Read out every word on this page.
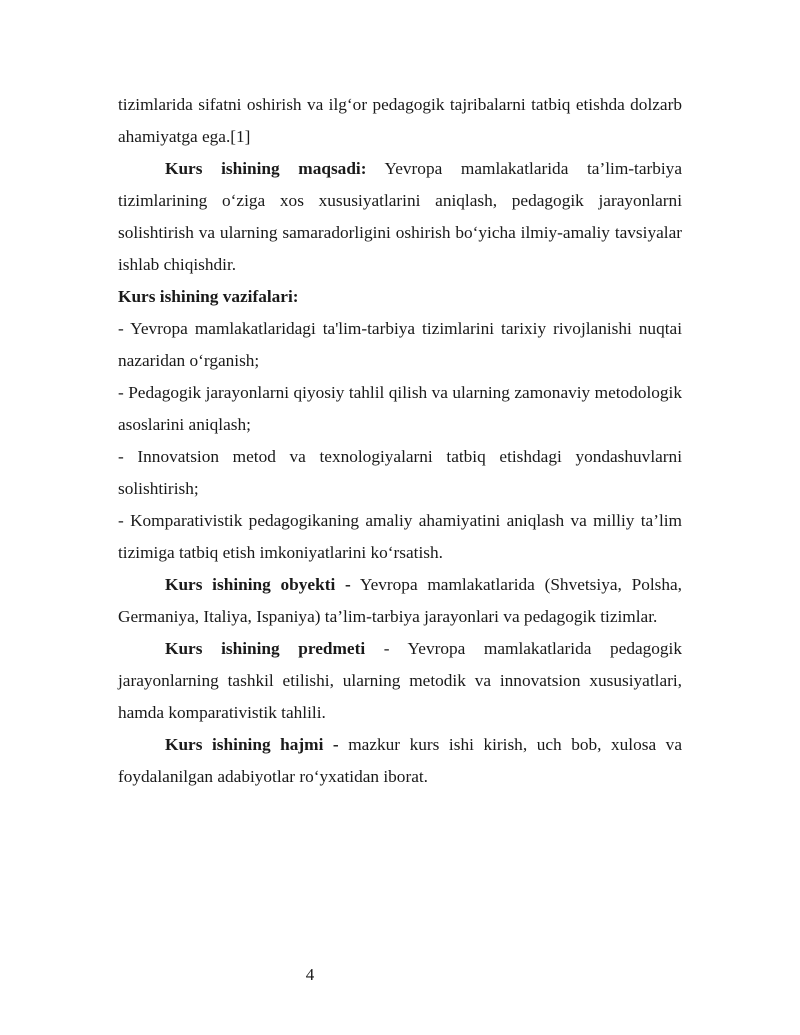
tizimlarida sifatni oshirish va ilg‘or pedagogik tajribalarni tatbiq etishda dolzarb ahamiyatga ega.[1]

Kurs ishining maqsadi: Yevropa mamlakatlarida ta’lim-tarbiya tizimlarining o‘ziga xos xususiyatlarini aniqlash, pedagogik jarayonlarni solishtirish va ularning samaradorligini oshirish bo‘yicha ilmiy-amaliy tavsiyalar ishlab chiqishdir.

Kurs ishining vazifalari:

- Yevropa mamlakatlaridagi ta'lim-tarbiya tizimlarini tarixiy rivojlanishi nuqtai nazaridan o‘rganish;

- Pedagogik jarayonlarni qiyosiy tahlil qilish va ularning zamonaviy metodologik asoslarini aniqlash;

- Innovatsion metod va texnologiyalarni tatbiq etishdagi yondashuvlarni solishtirish;

- Komparativistik pedagogikaning amaliy ahamiyatini aniqlash va milliy ta’lim tizimiga tatbiq etish imkoniyatlarini ko‘rsatish.

Kurs ishining obyekti - Yevropa mamlakatlarida (Shvetsiya, Polsha, Germaniya, Italiya, Ispaniya) ta’lim-tarbiya jarayonlari va pedagogik tizimlar.

Kurs ishining predmeti - Yevropa mamlakatlarida pedagogik jarayonlarning tashkil etilishi, ularning metodik va innovatsion xususiyatlari, hamda komparativistik tahlili.

Kurs ishining hajmi - mazkur kurs ishi kirish, uch bob, xulosa va foydalanilgan adabiyotlar ro‘yxatidan iborat.

4
